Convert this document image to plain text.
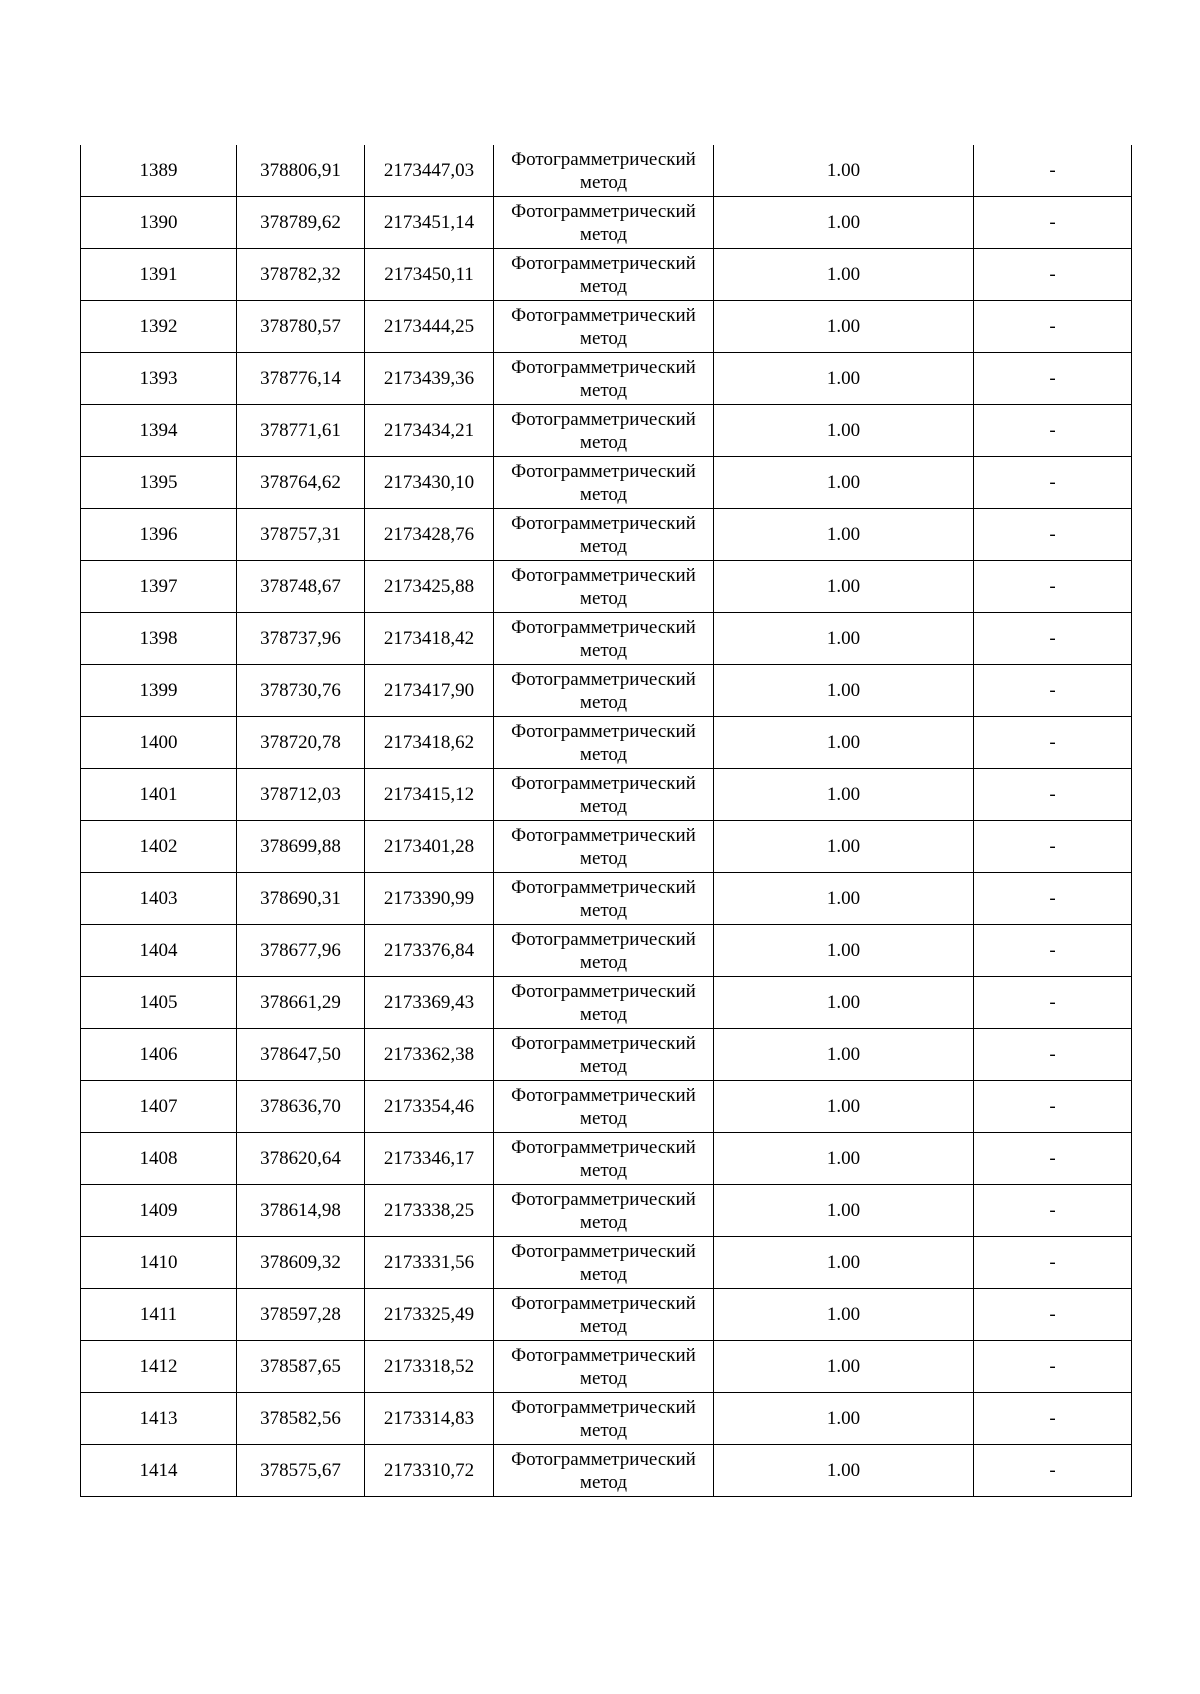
1389	378806,91	2173447,03	Фотограмметрический метод	1.00	-
1390	378789,62	2173451,14	Фотограмметрический метод	1.00	-
1391	378782,32	2173450,11	Фотограмметрический метод	1.00	-
1392	378780,57	2173444,25	Фотограмметрический метод	1.00	-
1393	378776,14	2173439,36	Фотограмметрический метод	1.00	-
1394	378771,61	2173434,21	Фотограмметрический метод	1.00	-
1395	378764,62	2173430,10	Фотограмметрический метод	1.00	-
1396	378757,31	2173428,76	Фотограмметрический метод	1.00	-
1397	378748,67	2173425,88	Фотограмметрический метод	1.00	-
1398	378737,96	2173418,42	Фотограмметрический метод	1.00	-
1399	378730,76	2173417,90	Фотограмметрический метод	1.00	-
1400	378720,78	2173418,62	Фотограмметрический метод	1.00	-
1401	378712,03	2173415,12	Фотограмметрический метод	1.00	-
1402	378699,88	2173401,28	Фотограмметрический метод	1.00	-
1403	378690,31	2173390,99	Фотограмметрический метод	1.00	-
1404	378677,96	2173376,84	Фотограмметрический метод	1.00	-
1405	378661,29	2173369,43	Фотограмметрический метод	1.00	-
1406	378647,50	2173362,38	Фотограмметрический метод	1.00	-
1407	378636,70	2173354,46	Фотограмметрический метод	1.00	-
1408	378620,64	2173346,17	Фотограмметрический метод	1.00	-
1409	378614,98	2173338,25	Фотограмметрический метод	1.00	-
1410	378609,32	2173331,56	Фотограмметрический метод	1.00	-
1411	378597,28	2173325,49	Фотограмметрический метод	1.00	-
1412	378587,65	2173318,52	Фотограмметрический метод	1.00	-
1413	378582,56	2173314,83	Фотограмметрический метод	1.00	-
1414	378575,67	2173310,72	Фотограмметрический метод	1.00	-
